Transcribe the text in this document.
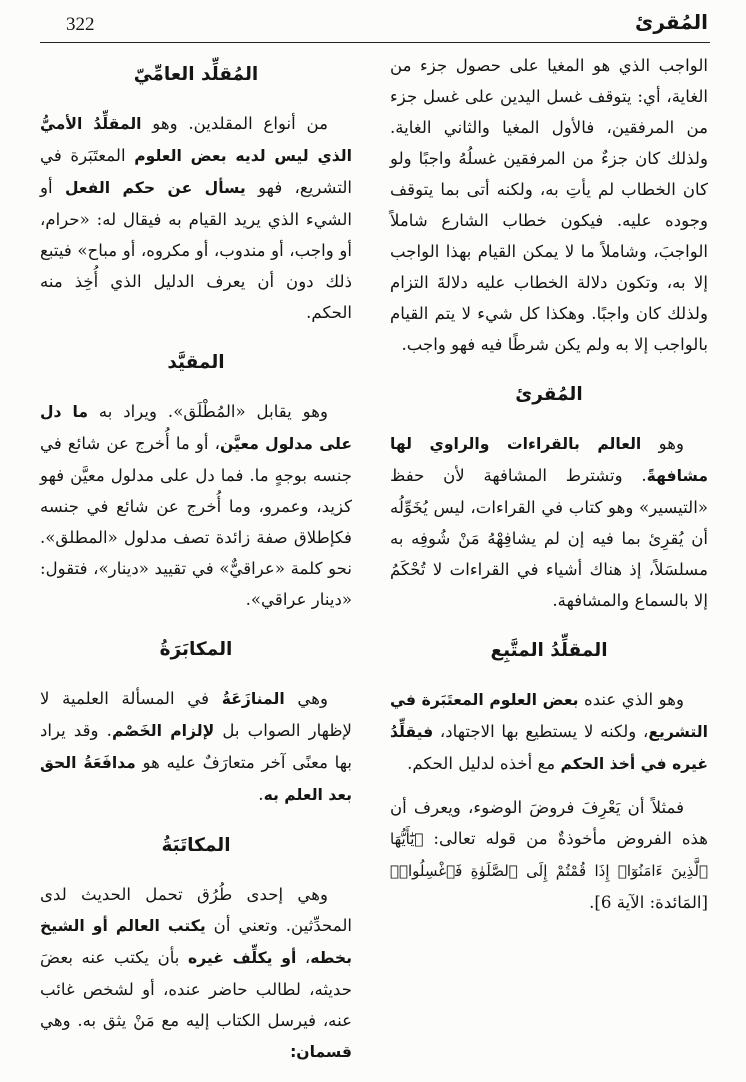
322	المُقرئ

الواجب الذي هو المغيا على حصول جزء من الغاية، أي: يتوقف غسل اليدين على غسل جزء من المرفقين، فالأول المغيا والثاني الغاية. ولذلك كان جزءٌ من المرفقين غسلُهُ واجبًا ولو كان الخطاب لم يأتِ به، ولكنه أتى بما يتوقف وجوده عليه. فيكون خطاب الشارع شاملاً الواجبَ، وشاملاً ما لا يمكن القيام بهذا الواجب إلا به، وتكون دلالة الخطاب عليه دلالةَ التزام ولذلك كان واجبًا. وهكذا كل شيء لا يتم القيام بالواجب إلا به ولم يكن شرطًا فيه فهو واجب.

المُقرئ

وهو العالم بالقراءات والراوي لها مشافهةً. وتشترط المشافهة لأن حفظ «التيسير» وهو كتاب في القراءات، ليس يُخَوِّلُه أن يُقرِئ بما فيه إن لم يشافِهْهُ مَنْ شُوفِه به مسلسَلاً، إذ هناك أشياء في القراءات لا تُحْكَمُ إلا بالسماع والمشافهة.

المقلِّدُ المتَّبِع

وهو الذي عنده بعض العلوم المعتَبَرة في التشريع، ولكنه لا يستطيع بها الاجتهاد، فيقلِّدُ غيره في أخذ الحكم مع أخذه لدليل الحكم.

فمثلاً أن يَعْرِفَ فروضَ الوضوء، ويعرف أن هذه الفروض مأخوذةٌ من قوله تعالى: ﴿يَٰٓأَيُّهَا ٱلَّذِينَ ءَامَنُوٓا۟ إِذَا قُمْتُمْ إِلَى ٱلصَّلَوٰةِ فَٱغْسِلُوا۟﴾ [المَائدة: الآية 6].

المُقلِّد العامِّيّ

من أنواع المقلدين. وهو المقلِّدُ الأميُّ الذي ليس لديه بعض العلوم المعتَبَرة في التشريع، فهو يسأل عن حكم الفعل أو الشيء الذي يريد القيام به فيقال له: «حرام، أو واجب، أو مندوب، أو مكروه، أو مباح» فيتبع ذلك دون أن يعرف الدليل الذي أُخِذ منه الحكم.

المقيَّد

وهو يقابل «المُطْلَق». ويراد به ما دل على مدلول معيَّن، أو ما أُخرج عن شائع في جنسه بوجهٍ ما. فما دل على مدلول معيَّن فهو كزيد، وعمرو، وما أُخرج عن شائع في جنسه فكإطلاق صفة زائدة تصف مدلول «المطلق». نحو كلمة «عراقيٌّ» في تقييد «دينار»، فتقول: «دينار عراقي».

المكابَرَةُ

وهي المنازَعَةُ في المسألة العلمية لا لإظهار الصواب بل لإلزام الخَصْم. وقد يراد بها معنًى آخر متعارَفٌ عليه هو مدافَعَةُ الحق بعد العلم به.

المكاتَبَةُ

وهي إحدى طُرُق تحمل الحديث لدى المحدِّثين. وتعني أن يكتب العالم أو الشيخ بخطه، أو يكلِّف غيره بأن يكتب عنه بعضَ حديثه، لطالب حاضر عنده، أو لشخص غائب عنه، فيرسل الكتاب إليه مع مَنْ يثق به. وهي قسمان:
